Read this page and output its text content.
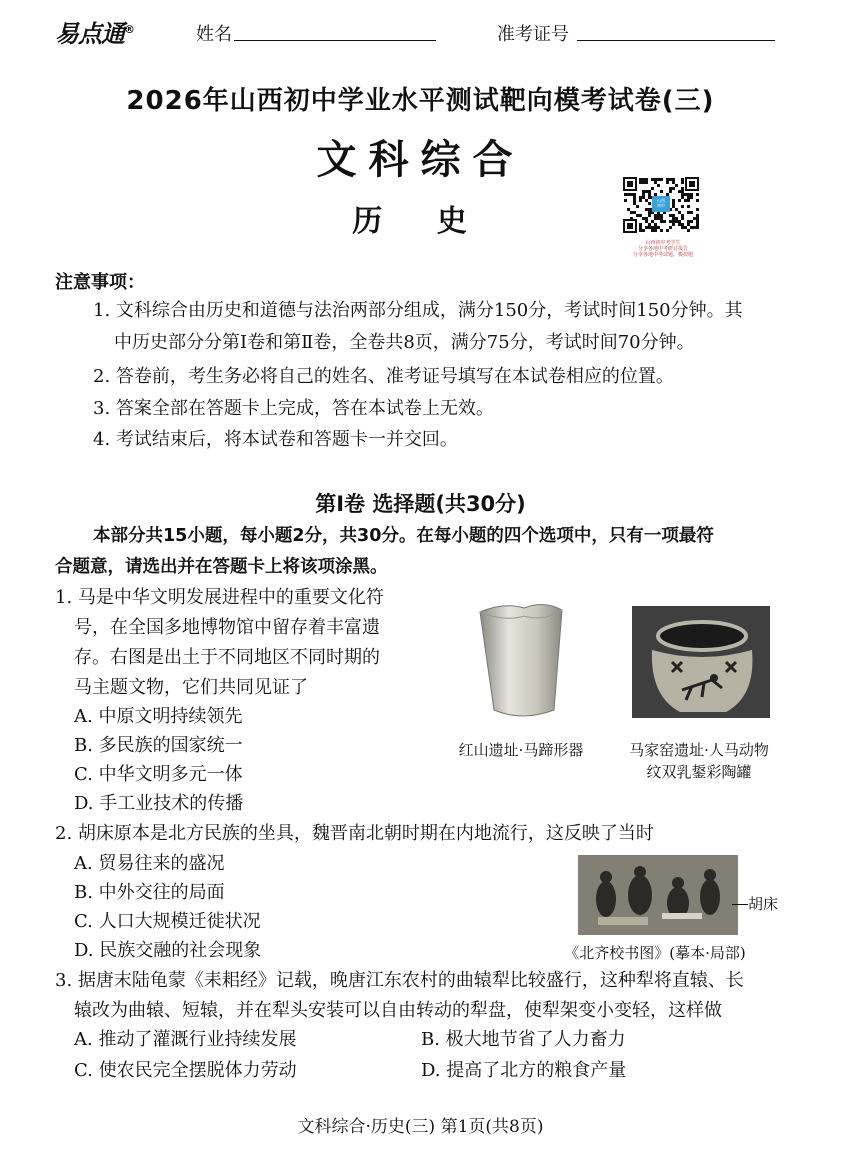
易点通®	姓名	准考证号
2026年山西初中学业水平测试靶向模考试卷(三)
文科综合
历 史
山西
初中
山西初中考学生
分享各地中考研讨报告
分享各地中考试题、模拟题
注意事项：
1. 文科综合由历史和道德与法治两部分组成，满分150分，考试时间150分钟。其
中历史部分分第Ⅰ卷和第Ⅱ卷，全卷共8页，满分75分，考试时间70分钟。
2. 答卷前，考生务必将自己的姓名、准考证号填写在本试卷相应的位置。
3. 答案全部在答题卡上完成，答在本试卷上无效。
4. 考试结束后，将本试卷和答题卡一并交回。
第Ⅰ卷 选择题(共30分)
本部分共15小题，每小题2分，共30分。在每小题的四个选项中，只有一项最符
合题意，请选出并在答题卡上将该项涂黑。
1. 马是中华文明发展进程中的重要文化符
号，在全国多地博物馆中留存着丰富遗
存。右图是出土于不同地区不同时期的
马主题文物，它们共同见证了
A. 中原文明持续领先
B. 多民族的国家统一
C. 中华文明多元一体
D. 手工业技术的传播
红山遗址·马蹄形器	马家窑遗址·人马动物
纹双乳鋬彩陶罐
2. 胡床原本是北方民族的坐具，魏晋南北朝时期在内地流行，这反映了当时
A. 贸易往来的盛况
B. 中外交往的局面
C. 人口大规模迁徙状况
D. 民族交融的社会现象
胡床
《北齐校书图》(摹本·局部)
3. 据唐末陆龟蒙《耒耜经》记载，晚唐江东农村的曲辕犁比较盛行，这种犁将直辕、长
辕改为曲辕、短辕，并在犁头安装可以自由转动的犁盘，使犁架变小变轻，这样做
A. 推动了灌溉行业持续发展	B. 极大地节省了人力畜力
C. 使农民完全摆脱体力劳动	D. 提高了北方的粮食产量
文科综合·历史(三) 第1页(共8页)
